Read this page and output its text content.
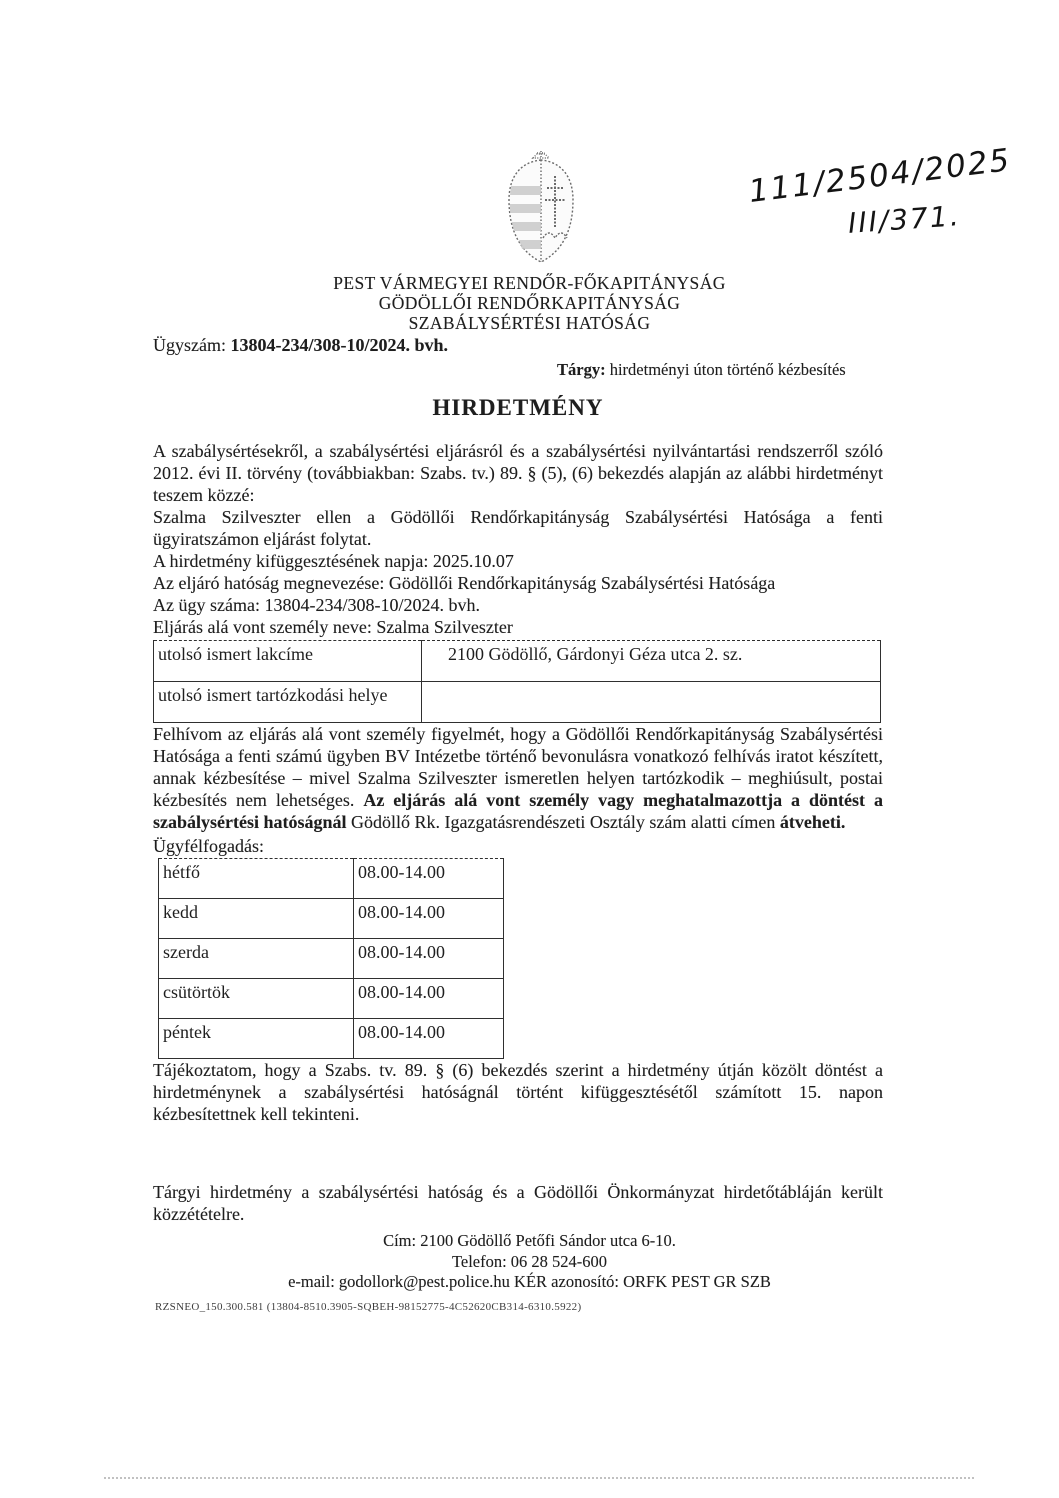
111/2504/2025
III/371.
PEST VÁRMEGYEI RENDŐR-FŐKAPITÁNYSÁG
GÖDÖLLŐI RENDŐRKAPITÁNYSÁG
SZABÁLYSÉRTÉSI HATÓSÁG
Ügyszám: 13804-234/308-10/2024. bvh.
Tárgy: hirdetményi úton történő kézbesítés
HIRDETMÉNY
A szabálysértésekről, a szabálysértési eljárásról és a szabálysértési nyilvántartási rendszerről szóló 2012. évi II. törvény (továbbiakban: Szabs. tv.) 89. § (5), (6) bekezdés alapján az alábbi hirdetményt teszem közzé:
Szalma Szilveszter ellen a Gödöllői Rendőrkapitányság Szabálysértési Hatósága a fenti ügyiratszámon eljárást folytat.
A hirdetmény kifüggesztésének napja: 2025.10.07
Az eljáró hatóság megnevezése: Gödöllői Rendőrkapitányság Szabálysértési Hatósága
Az ügy száma: 13804-234/308-10/2024. bvh.
Eljárás alá vont személy neve: Szalma Szilveszter
utolsó ismert lakcíme	2100 Gödöllő, Gárdonyi Géza utca 2. sz.
utolsó ismert tartózkodási helye	
Felhívom az eljárás alá vont személy figyelmét, hogy a Gödöllői Rendőrkapitányság Szabálysértési Hatósága a fenti számú ügyben BV Intézetbe történő bevonulásra vonatkozó felhívás iratot készített, annak kézbesítése – mivel Szalma Szilveszter ismeretlen helyen tartózkodik – meghiúsult, postai kézbesítés nem lehetséges. Az eljárás alá vont személy vagy meghatalmazottja a döntést a szabálysértési hatóságnál Gödöllő Rk. Igazgatásrendészeti Osztály szám alatti címen átveheti.
Ügyfélfogadás:
hétfő	08.00-14.00
kedd	08.00-14.00
szerda	08.00-14.00
csütörtök	08.00-14.00
péntek	08.00-14.00
Tájékoztatom, hogy a Szabs. tv. 89. § (6) bekezdés szerint a hirdetmény útján közölt döntést a hirdetménynek a szabálysértési hatóságnál történt kifüggesztésétől számított 15. napon kézbesítettnek kell tekinteni.
Tárgyi hirdetmény a szabálysértési hatóság és a Gödöllői Önkormányzat hirdetőtábláján került közzétételre.
Cím: 2100 Gödöllő Petőfi Sándor utca 6-10.
Telefon: 06 28 524-600
e-mail: godollork@pest.police.hu KÉR azonosító: ORFK PEST GR SZB
RZSNEO_150.300.581 (13804-8510.3905-SQBEH-98152775-4C52620CB314-6310.5922)
